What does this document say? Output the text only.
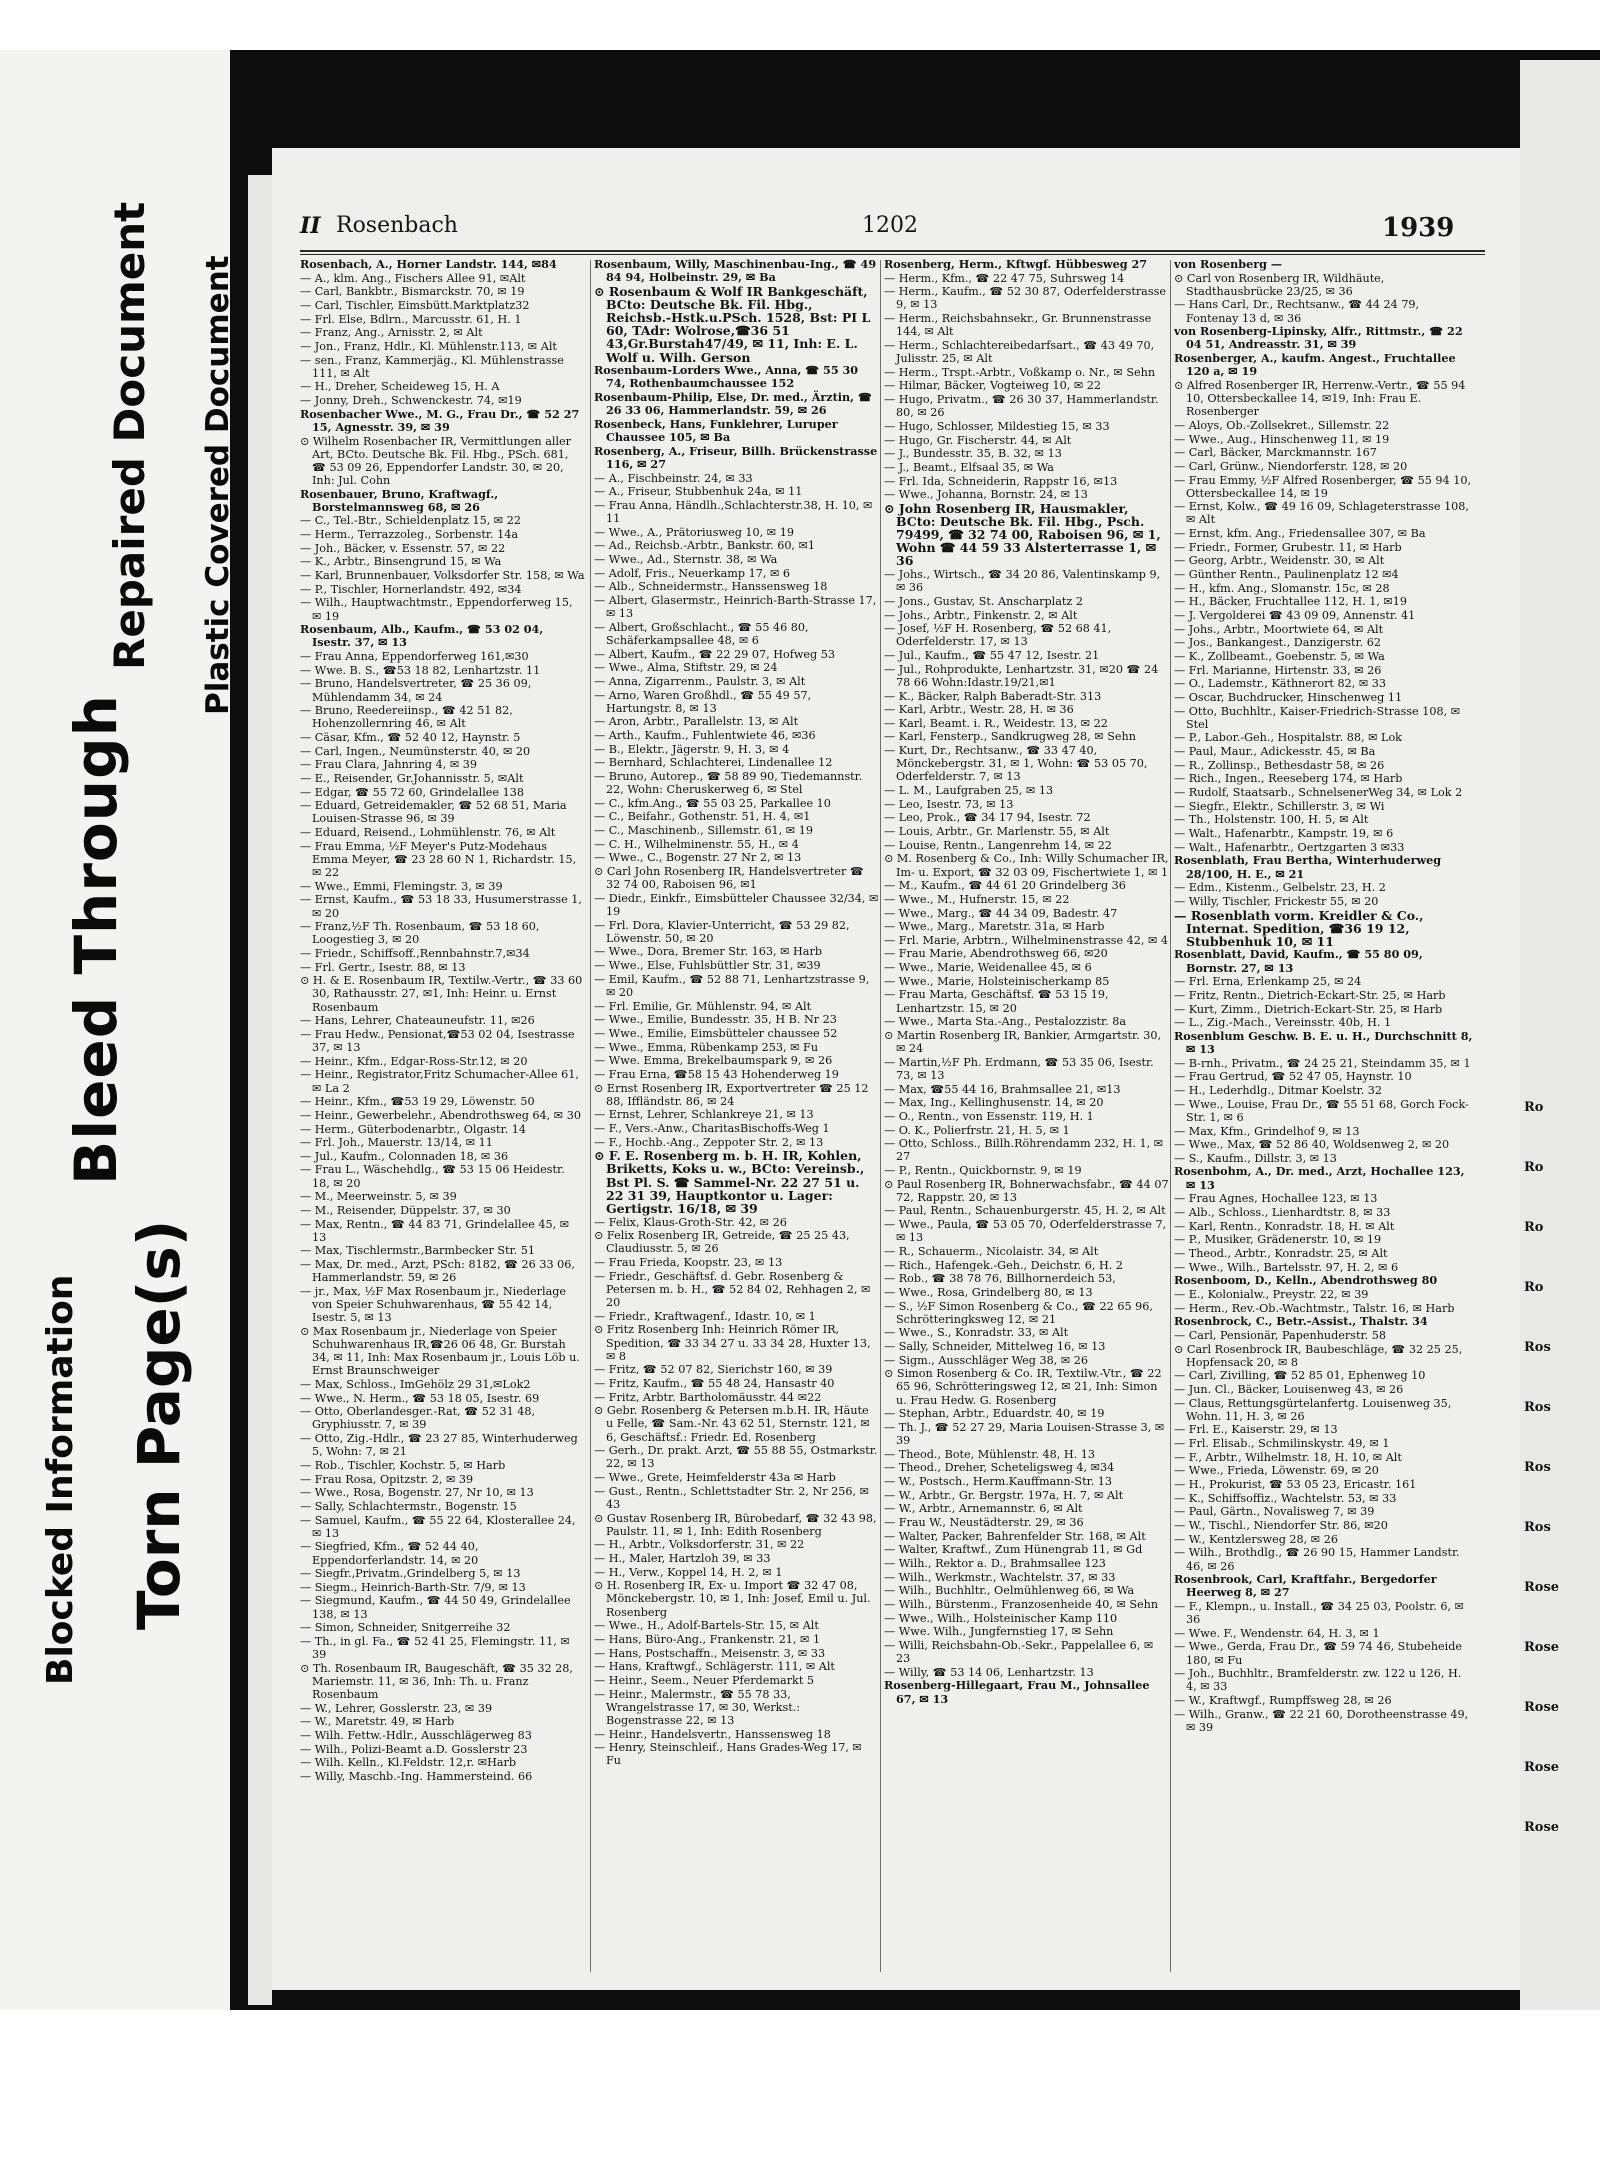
Plastic Covered Document
Repaired Document
Bleed Through
Torn Page(s)
Blocked Information
Ro
Ro
Ro
Ro
Ros
Ros
Ros
Ros
Rose
Rose
Rose
Rose
Rose
II Rosenbach	1202	1939
Rosenbach, A., Horner Landstr. 144, ✉84
— A., klm. Ang., Fischers Allee 91, ✉Alt
— Carl, Bankbtr., Bismarckstr. 70, ✉ 19
— Carl, Tischler, Eimsbütt.Marktplatz32
— Frl. Else, Bdlrn., Marcusstr. 61, H. 1
— Franz, Ang., Arnisstr. 2, ✉ Alt
— Jon., Franz, Hdlr., Kl. Mühlenstr.113, ✉ Alt
— sen., Franz, Kammerjäg., Kl. Mühlenstrasse 111, ✉ Alt
— H., Dreher, Scheideweg 15, H. A
— Jonny, Dreh., Schwenckestr. 74, ✉19
Rosenbacher Wwe., M. G., Frau Dr., ☎ 52 27 15, Agnesstr. 39, ✉ 39
⊙ Wilhelm Rosenbacher IR, Vermittlungen aller Art, BCto. Deutsche Bk. Fil. Hbg., PSch. 681, ☎ 53 09 26, Eppendorfer Landstr. 30, ✉ 20, Inh: Jul. Cohn
Rosenbauer, Bruno, Kraftwagf., Borstelmannsweg 68, ✉ 26
— C., Tel.-Btr., Schieldenplatz 15, ✉ 22
— Herm., Terrazzoleg., Sorbenstr. 14a
— Joh., Bäcker, v. Essenstr. 57, ✉ 22
— K., Arbtr., Binsengrund 15, ✉ Wa
— Karl, Brunnenbauer, Volksdorfer Str. 158, ✉ Wa
— P., Tischler, Hornerlandstr. 492, ✉34
— Wilh., Hauptwachtmstr., Eppendorferweg 15, ✉ 19
Rosenbaum, Alb., Kaufm., ☎ 53 02 04, Isestr. 37, ✉ 13
— Frau Anna, Eppendorferweg 161,✉30
— Wwe. B. S., ☎53 18 82, Lenhartzstr. 11
— Bruno, Handelsvertreter, ☎ 25 36 09, Mühlendamm 34, ✉ 24
— Bruno, Reedereiinsp., ☎ 42 51 82, Hohenzollernring 46, ✉ Alt
— Cäsar, Kfm., ☎ 52 40 12, Haynstr. 5
— Carl, Ingen., Neumünsterstr. 40, ✉ 20
— Frau Clara, Jahnring 4, ✉ 39
— E., Reisender, Gr.Johannisstr. 5, ✉Alt
— Edgar, ☎ 55 72 60, Grindelallee 138
— Eduard, Getreidemakler, ☎ 52 68 51, Maria Louisen-Strasse 96, ✉ 39
— Eduard, Reisend., Lohmühlenstr. 76, ✉ Alt
— Frau Emma, ½F Meyer's Putz-Modehaus Emma Meyer, ☎ 23 28 60 N 1, Richardstr. 15, ✉ 22
— Wwe., Emmi, Flemingstr. 3, ✉ 39
— Ernst, Kaufm., ☎ 53 18 33, Husumerstrasse 1, ✉ 20
— Franz,½F Th. Rosenbaum, ☎ 53 18 60, Loogestieg 3, ✉ 20
— Friedr., Schiffsoff.,Rennbahnstr.7,✉34
— Frl. Gertr., Isestr. 88, ✉ 13
⊙ H. & E. Rosenbaum IR, Textilw.-Vertr., ☎ 33 60 30, Rathausstr. 27, ✉1, Inh: Heinr. u. Ernst Rosenbaum
— Hans, Lehrer, Chateauneufstr. 11, ✉26
— Frau Hedw., Pensionat,☎53 02 04, Isestrasse 37, ✉ 13
— Heinr., Kfm., Edgar-Ross-Str.12, ✉ 20
— Heinr., Registrator,Fritz Schumacher-Allee 61, ✉ La 2
— Heinr., Kfm., ☎53 19 29, Löwenstr. 50
— Heinr., Gewerbelehr., Abendrothsweg 64, ✉ 30
— Herm., Güterbodenarbtr., Olgastr. 14
— Frl. Joh., Mauerstr. 13/14, ✉ 11
— Jul., Kaufm., Colonnaden 18, ✉ 36
— Frau L., Wäschehdlg., ☎ 53 15 06 Heidestr. 18, ✉ 20
— M., Meerweinstr. 5, ✉ 39
— M., Reisender, Düppelstr. 37, ✉ 30
— Max, Rentn., ☎ 44 83 71, Grindelallee 45, ✉ 13
— Max, Tischlermstr.,Barmbecker Str. 51
— Max, Dr. med., Arzt, PSch: 8182, ☎ 26 33 06, Hammerlandstr. 59, ✉ 26
— jr., Max, ½F Max Rosenbaum jr., Niederlage von Speier Schuhwarenhaus, ☎ 55 42 14, Isestr. 5, ✉ 13
⊙ Max Rosenbaum jr., Niederlage von Speier Schuhwarenhaus IR,☎26 06 48, Gr. Burstah 34, ✉ 11, Inh: Max Rosenbaum jr., Louis Löb u. Ernst Braunschweiger
— Max, Schloss., ImGehölz 29 31,✉Lok2
— Wwe., N. Herm., ☎ 53 18 05, Isestr. 69
— Otto, Oberlandesger.-Rat, ☎ 52 31 48, Gryphiusstr. 7, ✉ 39
— Otto, Zig.-Hdlr., ☎ 23 27 85, Winterhuderweg 5, Wohn: 7, ✉ 21
— Rob., Tischler, Kochstr. 5, ✉ Harb
— Frau Rosa, Opitzstr. 2, ✉ 39
— Wwe., Rosa, Bogenstr. 27, Nr 10, ✉ 13
— Sally, Schlachtermstr., Bogenstr. 15
— Samuel, Kaufm., ☎ 55 22 64, Klosterallee 24, ✉ 13
— Siegfried, Kfm., ☎ 52 44 40, Eppendorferlandstr. 14, ✉ 20
— Siegfr.,Privatm.,Grindelberg 5, ✉ 13
— Siegm., Heinrich-Barth-Str. 7/9, ✉ 13
— Siegmund, Kaufm., ☎ 44 50 49, Grindelallee 138, ✉ 13
— Simon, Schneider, Snitgerreihe 32
— Th., in gl. Fa., ☎ 52 41 25, Flemingstr. 11, ✉ 39
⊙ Th. Rosenbaum IR, Baugeschäft, ☎ 35 32 28, Mariemstr. 11, ✉ 36, Inh: Th. u. Franz Rosenbaum
— W., Lehrer, Gosslerstr. 23, ✉ 39
— W., Maretstr. 49, ✉ Harb
— Wilh. Fettw.-Hdlr., Ausschlägerweg 83
— Wilh., Polizi-Beamt a.D. Gosslerstr 23
— Wilh. Kelln., Kl.Feldstr. 12,r. ✉Harb
— Willy, Maschb.-Ing. Hammersteind. 66
Rosenbaum, Willy, Maschinenbau-Ing., ☎ 49 84 94, Holbeinstr. 29, ✉ Ba
⊙ Rosenbaum & Wolf IR Bankgeschäft, BCto: Deutsche Bk. Fil. Hbg., Reichsb.-Hstk.u.PSch. 1528, Bst: PI L 60, TAdr: Wolrose,☎36 51 43,Gr.Burstah47/49, ✉ 11, Inh: E. L. Wolf u. Wilh. Gerson
Rosenbaum-Lorders Wwe., Anna, ☎ 55 30 74, Rothenbaumchaussee 152
Rosenbaum-Philip, Else, Dr. med., Ärztin, ☎ 26 33 06, Hammerlandstr. 59, ✉ 26
Rosenbeck, Hans, Funklehrer, Luruper Chaussee 105, ✉ Ba
Rosenberg, A., Friseur, Billh. Brückenstrasse 116, ✉ 27
— A., Fischbeinstr. 24, ✉ 33
— A., Friseur, Stubbenhuk 24a, ✉ 11
— Frau Anna, Händlh.,Schlachterstr.38, H. 10, ✉ 11
— Wwe., A., Prätoriusweg 10, ✉ 19
— Ad., Reichsb.-Arbtr., Bankstr. 60, ✉1
— Wwe., Ad., Sternstr. 38, ✉ Wa
— Adolf, Fris., Neuerkamp 17, ✉ 6
— Alb., Schneidermstr., Hanssensweg 18
— Albert, Glasermstr., Heinrich-Barth-Strasse 17, ✉ 13
— Albert, Großschlacht., ☎ 55 46 80, Schäferkampsallee 48, ✉ 6
— Albert, Kaufm., ☎ 22 29 07, Hofweg 53
— Wwe., Alma, Stiftstr. 29, ✉ 24
— Anna, Zigarrenm., Paulstr. 3, ✉ Alt
— Arno, Waren Großhdl., ☎ 55 49 57, Hartungstr. 8, ✉ 13
— Aron, Arbtr., Parallelstr. 13, ✉ Alt
— Arth., Kaufm., Fuhlentwiete 46, ✉36
— B., Elektr., Jägerstr. 9, H. 3, ✉ 4
— Bernhard, Schlachterei, Lindenallee 12
— Bruno, Autorep., ☎ 58 89 90, Tiedemannstr. 22, Wohn: Cheruskerweg 6, ✉ Stel
— C., kfm.Ang., ☎ 55 03 25, Parkallee 10
— C., Beifahr., Gothenstr. 51, H. 4, ✉1
— C., Maschinenb., Sillemstr. 61, ✉ 19
— C. H., Wilhelminenstr. 55, H., ✉ 4
— Wwe., C., Bogenstr. 27 Nr 2, ✉ 13
⊙ Carl John Rosenberg IR, Handelsvertreter ☎ 32 74 00, Raboisen 96, ✉1
— Diedr., Einkfr., Eimsbütteler Chaussee 32/34, ✉ 19
— Frl. Dora, Klavier-Unterricht, ☎ 53 29 82, Löwenstr. 50, ✉ 20
— Wwe., Dora, Bremer Str. 163, ✉ Harb
— Wwe., Else, Fuhlsbüttler Str. 31, ✉39
— Emil, Kaufm., ☎ 52 88 71, Lenhartzstrasse 9, ✉ 20
— Frl. Emilie, Gr. Mühlenstr. 94, ✉ Alt
— Wwe., Emilie, Bundesstr. 35, H B. Nr 23
— Wwe., Emilie, Eimsbütteler chaussee 52
— Wwe., Emma, Rübenkamp 253, ✉ Fu
— Wwe. Emma, Brekelbaumspark 9, ✉ 26
— Frau Erna, ☎58 15 43 Hohenderweg 19
⊙ Ernst Rosenberg IR, Exportvertreter ☎ 25 12 88, Iffländstr. 86, ✉ 24
— Ernst, Lehrer, Schlankreye 21, ✉ 13
— F., Vers.-Anw., CharitasBischoffs-Weg 1
— F., Hochb.-Ang., Zeppoter Str. 2, ✉ 13
⊙ F. E. Rosenberg m. b. H. IR, Kohlen, Briketts, Koks u. w., BCto: Vereinsb., Bst Pl. S. ☎ Sammel-Nr. 22 27 51 u. 22 31 39, Hauptkontor u. Lager: Gertigstr. 16/18, ✉ 39
— Felix, Klaus-Groth-Str. 42, ✉ 26
⊙ Felix Rosenberg IR, Getreide, ☎ 25 25 43, Claudiusstr. 5, ✉ 26
— Frau Frieda, Koopstr. 23, ✉ 13
— Friedr., Geschäftsf. d. Gebr. Rosenberg & Petersen m. b. H., ☎ 52 84 02, Rehhagen 2, ✉ 20
— Friedr., Kraftwagenf., Idastr. 10, ✉ 1
⊙ Fritz Rosenberg Inh: Heinrich Römer IR, Spedition, ☎ 33 34 27 u. 33 34 28, Huxter 13, ✉ 8
— Fritz, ☎ 52 07 82, Sierichstr 160, ✉ 39
— Fritz, Kaufm., ☎ 55 48 24, Hansastr 40
— Fritz, Arbtr. Bartholomäusstr. 44 ✉22
⊙ Gebr. Rosenberg & Petersen m.b.H. IR, Häute u Felle, ☎ Sam.-Nr. 43 62 51, Sternstr. 121, ✉ 6, Geschäftsf.: Friedr. Ed. Rosenberg
— Gerh., Dr. prakt. Arzt, ☎ 55 88 55, Ostmarkstr. 22, ✉ 13
— Wwe., Grete, Heimfelderstr 43a ✉ Harb
— Gust., Rentn., Schlettstadter Str. 2, Nr 256, ✉ 43
⊙ Gustav Rosenberg IR, Bürobedarf, ☎ 32 43 98, Paulstr. 11, ✉ 1, Inh: Edith Rosenberg
— H., Arbtr., Volksdorferstr. 31, ✉ 22
— H., Maler, Hartzloh 39, ✉ 33
— H., Verw., Koppel 14, H. 2, ✉ 1
⊙ H. Rosenberg IR, Ex- u. Import ☎ 32 47 08, Mönckebergstr. 10, ✉ 1, Inh: Josef, Emil u. Jul. Rosenberg
— Wwe., H., Adolf-Bartels-Str. 15, ✉ Alt
— Hans, Büro-Ang., Frankenstr. 21, ✉ 1
— Hans, Postschaffn., Meisenstr. 3, ✉ 33
— Hans, Kraftwgf., Schlägerstr. 111, ✉ Alt
— Heinr., Seem., Neuer Pferdemarkt 5
— Heinr., Malermstr., ☎ 55 78 33, Wrangelstrasse 17, ✉ 30, Werkst.: Bogenstrasse 22, ✉ 13
— Heinr., Handelsvertr., Hanssensweg 18
— Henry, Steinschleif., Hans Grades-Weg 17, ✉ Fu
Rosenberg, Herm., Kftwgf. Hübbesweg 27
— Herm., Kfm., ☎ 22 47 75, Suhrsweg 14
— Herm., Kaufm., ☎ 52 30 87, Oderfelderstrasse 9, ✉ 13
— Herm., Reichsbahnsekr., Gr. Brunnenstrasse 144, ✉ Alt
— Herm., Schlachtereibedarfsart., ☎ 43 49 70, Julisstr. 25, ✉ Alt
— Herm., Trspt.-Arbtr., Voßkamp o. Nr., ✉ Sehn
— Hilmar, Bäcker, Vogteiweg 10, ✉ 22
— Hugo, Privatm., ☎ 26 30 37, Hammerlandstr. 80, ✉ 26
— Hugo, Schlosser, Mildestieg 15, ✉ 33
— Hugo, Gr. Fischerstr. 44, ✉ Alt
— J., Bundesstr. 35, B. 32, ✉ 13
— J., Beamt., Elfsaal 35, ✉ Wa
— Frl. Ida, Schneiderin, Rappstr 16, ✉13
— Wwe., Johanna, Bornstr. 24, ✉ 13
⊙ John Rosenberg IR, Hausmakler, BCto: Deutsche Bk. Fil. Hbg., Psch. 79499, ☎ 32 74 00, Raboisen 96, ✉ 1, Wohn ☎ 44 59 33 Alsterterrasse 1, ✉36
— Johs., Wirtsch., ☎ 34 20 86, Valentinskamp 9, ✉ 36
— Jons., Gustav, St. Anscharplatz 2
— Johs., Arbtr., Finkenstr. 2, ✉ Alt
— Josef, ½F H. Rosenberg, ☎ 52 68 41, Oderfelderstr. 17, ✉ 13
— Jul., Kaufm., ☎ 55 47 12, Isestr. 21
— Jul., Rohprodukte, Lenhartzstr. 31, ✉20 ☎ 24 78 66 Wohn:Idastr.19/21,✉1
— K., Bäcker, Ralph Baberadt-Str. 313
— Karl, Arbtr., Westr. 28, H. ✉ 36
— Karl, Beamt. i. R., Weidestr. 13, ✉ 22
— Karl, Fensterp., Sandkrugweg 28, ✉ Sehn
— Kurt, Dr., Rechtsanw., ☎ 33 47 40, Mönckebergstr. 31, ✉ 1, Wohn: ☎ 53 05 70, Oderfelderstr. 7, ✉ 13
— L. M., Laufgraben 25, ✉ 13
— Leo, Isestr. 73, ✉ 13
— Leo, Prok., ☎ 34 17 94, Isestr. 72
— Louis, Arbtr., Gr. Marlenstr. 55, ✉ Alt
— Louise, Rentn., Langenrehm 14, ✉ 22
⊙ M. Rosenberg & Co., Inh: Willy Schumacher IR, Im- u. Export, ☎ 32 03 09, Fischertwiete 1, ✉ 1
— M., Kaufm., ☎ 44 61 20 Grindelberg 36
— Wwe., M., Hufnerstr. 15, ✉ 22
— Wwe., Marg., ☎ 44 34 09, Badestr. 47
— Wwe., Marg., Maretstr. 31a, ✉ Harb
— Frl. Marie, Arbtrn., Wilhelminenstrasse 42, ✉ 4
— Frau Marie, Abendrothsweg 66, ✉20
— Wwe., Marie, Weidenallee 45, ✉ 6
— Wwe., Marie, Holsteinischerkamp 85
— Frau Marta, Geschäftsf. ☎ 53 15 19, Lenhartzstr. 15, ✉ 20
— Wwe., Marta Sta.-Ang., Pestalozzistr. 8a
⊙ Martin Rosenberg IR, Bankier, Armgartstr. 30, ✉ 24
— Martin,½F Ph. Erdmann, ☎ 53 35 06, Isestr. 73, ✉ 13
— Max, ☎55 44 16, Brahmsallee 21, ✉13
— Max, Ing., Kellinghusenstr. 14, ✉ 20
— O., Rentn., von Essenstr. 119, H. 1
— O. K., Polierfrstr. 21, H. 5, ✉ 1
— Otto, Schloss., Billh.Röhrendamm 232, H. 1, ✉ 27
— P., Rentn., Quickbornstr. 9, ✉ 19
⊙ Paul Rosenberg IR, Bohnerwachsfabr., ☎ 44 07 72, Rappstr. 20, ✉ 13
— Paul, Rentn., Schauenburgerstr. 45, H. 2, ✉ Alt
— Wwe., Paula, ☎ 53 05 70, Oderfelderstrasse 7, ✉ 13
— R., Schauerm., Nicolaistr. 34, ✉ Alt
— Rich., Hafengek.-Geh., Deichstr. 6, H. 2
— Rob., ☎ 38 78 76, Billhornerdeich 53,
— Wwe., Rosa, Grindelberg 80, ✉ 13
— S., ½F Simon Rosenberg & Co., ☎ 22 65 96, Schrötteringksweg 12, ✉ 21
— Wwe., S., Konradstr. 33, ✉ Alt
— Sally, Schneider, Mittelweg 16, ✉ 13
— Sigm., Ausschläger Weg 38, ✉ 26
⊙ Simon Rosenberg & Co. IR, Textilw.-Vtr., ☎ 22 65 96, Schrötteringsweg 12, ✉ 21, Inh: Simon u. Frau Hedw. G. Rosenberg
— Stephan, Arbtr., Eduardstr. 40, ✉ 19
— Th. J., ☎ 52 27 29, Maria Louisen-Strasse 3, ✉ 39
— Theod., Bote, Mühlenstr. 48, H. 13
— Theod., Dreher, Scheteligsweg 4, ✉34
— W., Postsch., Herm.Kauffmann-Str. 13
— W., Arbtr., Gr. Bergstr. 197a, H. 7, ✉ Alt
— W., Arbtr., Arnemannstr. 6, ✉ Alt
— Frau W., Neustädterstr. 29, ✉ 36
— Walter, Packer, Bahrenfelder Str. 168, ✉ Alt
— Walter, Kraftwf., Zum Hünengrab 11, ✉ Gd
— Wilh., Rektor a. D., Brahmsallee 123
— Wilh., Werkmstr., Wachtelstr. 37, ✉ 33
— Wilh., Buchhltr., Oelmühlenweg 66, ✉ Wa
— Wilh., Bürstenm., Franzosenheide 40, ✉ Sehn
— Wwe., Wilh., Holsteinischer Kamp 110
— Wwe. Wilh., Jungfernstieg 17, ✉ Sehn
— Willi, Reichsbahn-Ob.-Sekr., Pappelallee 6, ✉ 23
— Willy, ☎ 53 14 06, Lenhartzstr. 13
Rosenberg-Hillegaart, Frau M., Johnsallee 67, ✉ 13
von Rosenberg —
⊙ Carl von Rosenberg IR, Wildhäute, Stadthausbrücke 23/25, ✉ 36
— Hans Carl, Dr., Rechtsanw., ☎ 44 24 79, Fontenay 13 d, ✉ 36
von Rosenberg-Lipinsky, Alfr., Rittmstr., ☎ 22 04 51, Andreasstr. 31, ✉ 39
Rosenberger, A., kaufm. Angest., Fruchtallee 120 a, ✉ 19
⊙ Alfred Rosenberger IR, Herrenw.-Vertr., ☎ 55 94 10, Ottersbeckallee 14, ✉19, Inh: Frau E. Rosenberger
— Aloys, Ob.-Zollsekret., Sillemstr. 22
— Wwe., Aug., Hinschenweg 11, ✉ 19
— Carl, Bäcker, Marckmannstr. 167
— Carl, Grünw., Niendorferstr. 128, ✉ 20
— Frau Emmy, ½F Alfred Rosenberger, ☎ 55 94 10, Ottersbeckallee 14, ✉ 19
— Ernst, Kolw., ☎ 49 16 09, Schlageterstrasse 108, ✉ Alt
— Ernst, kfm. Ang., Friedensallee 307, ✉ Ba
— Friedr., Former, Grubestr. 11, ✉ Harb
— Georg, Arbtr., Weidenstr. 30, ✉ Alt
— Günther Rentn., Paulinenplatz 12 ✉4
— H., kfm. Ang., Slomanstr. 15c, ✉ 28
— H., Bäcker, Fruchtallee 112, H. 1, ✉19
— J. Vergolderei ☎ 43 09 09, Annenstr. 41
— Johs., Arbtr., Moortwiete 64, ✉ Alt
— Jos., Bankangest., Danzigerstr. 62
— K., Zollbeamt., Goebenstr. 5, ✉ Wa
— Frl. Marianne, Hirtenstr. 33, ✉ 26
— O., Lademstr., Käthnerort 82, ✉ 33
— Oscar, Buchdrucker, Hinschenweg 11
— Otto, Buchhltr., Kaiser-Friedrich-Strasse 108, ✉ Stel
— P., Labor.-Geh., Hospitalstr. 88, ✉ Lok
— Paul, Maur., Adickesstr. 45, ✉ Ba
— R., Zollinsp., Bethesdastr 58, ✉ 26
— Rich., Ingen., Reeseberg 174, ✉ Harb
— Rudolf, Staatsarb., SchnelsenerWeg 34, ✉ Lok 2
— Siegfr., Elektr., Schillerstr. 3, ✉ Wi
— Th., Holstenstr. 100, H. 5, ✉ Alt
— Walt., Hafenarbtr., Kampstr. 19, ✉ 6
— Walt., Hafenarbtr., Oertzgarten 3 ✉33
Rosenblath, Frau Bertha, Winterhuderweg 28/100, H. E., ✉ 21
— Edm., Kistenm., Gelbelstr. 23, H. 2
— Willy, Tischler, Frickestr 55, ✉ 20
— Rosenblath vorm. Kreidler & Co., Internat. Spedition, ☎36 19 12, Stubbenhuk 10, ✉ 11
Rosenblatt, David, Kaufm., ☎ 55 80 09, Bornstr. 27, ✉ 13
— Frl. Erna, Erlenkamp 25, ✉ 24
— Fritz, Rentn., Dietrich-Eckart-Str. 25, ✉ Harb
— Kurt, Zimm., Dietrich-Eckart-Str. 25, ✉ Harb
— L., Zig.-Mach., Vereinsstr. 40b, H. 1
Rosenblum Geschw. B. E. u. H., Durchschnitt 8, ✉ 13
— B-rnh., Privatm., ☎ 24 25 21, Steindamm 35, ✉ 1
— Frau Gertrud, ☎ 52 47 05, Haynstr. 10
— H., Lederhdlg., Ditmar Koelstr. 32
— Wwe., Louise, Frau Dr., ☎ 55 51 68, Gorch Fock-Str. 1, ✉ 6
— Max, Kfm., Grindelhof 9, ✉ 13
— Wwe., Max, ☎ 52 86 40, Woldsenweg 2, ✉ 20
— S., Kaufm., Dillstr. 3, ✉ 13
Rosenbohm, A., Dr. med., Arzt, Hochallee 123, ✉ 13
— Frau Agnes, Hochallee 123, ✉ 13
— Alb., Schloss., Lienhardtstr. 8, ✉ 33
— Karl, Rentn., Konradstr. 18, H. ✉ Alt
— P., Musiker, Grädenerstr. 10, ✉ 19
— Theod., Arbtr., Konradstr. 25, ✉ Alt
— Wwe., Wilh., Bartelsstr. 97, H. 2, ✉ 6
Rosenboom, D., Kelln., Abendrothsweg 80
— E., Kolonialw., Preystr. 22, ✉ 39
— Herm., Rev.-Ob.-Wachtmstr., Talstr. 16, ✉ Harb
Rosenbrock, C., Betr.-Assist., Thalstr. 34
— Carl, Pensionär, Papenhuderstr. 58
⊙ Carl Rosenbrock IR, Baubeschläge, ☎ 32 25 25, Hopfensack 20, ✉ 8
— Carl, Zivilling, ☎ 52 85 01, Ephenweg 10
— Jun. Cl., Bäcker, Louisenweg 43, ✉ 26
— Claus, Rettungsgürtelanfertg. Louisenweg 35, Wohn. 11, H. 3, ✉ 26
— Frl. E., Kaiserstr. 29, ✉ 13
— Frl. Elisab., Schmilinskystr. 49, ✉ 1
— F., Arbtr., Wilhelmstr. 18, H. 10, ✉ Alt
— Wwe., Frieda, Löwenstr. 69, ✉ 20
— H., Prokurist, ☎ 53 05 23, Ericastr. 161
— K., Schiffsoffiz., Wachtelstr. 53, ✉ 33
— Paul, Gärtn., Novalisweg 7, ✉ 39
— W., Tischl., Niendorfer Str. 86, ✉20
— W., Kentzlersweg 28, ✉ 26
— Wilh., Brothdlg., ☎ 26 90 15, Hammer Landstr. 46, ✉ 26
Rosenbrook, Carl, Kraftfahr., Bergedorfer Heerweg 8, ✉ 27
— F., Klempn., u. Install., ☎ 34 25 03, Poolstr. 6, ✉ 36
— Wwe. F., Wendenstr. 64, H. 3, ✉ 1
— Wwe., Gerda, Frau Dr., ☎ 59 74 46, Stubeheide 180, ✉ Fu
— Joh., Buchhltr., Bramfelderstr. zw. 122 u 126, H. 4, ✉ 33
— W., Kraftwgf., Rumpffsweg 28, ✉ 26
— Wilh., Granw., ☎ 22 21 60, Dorotheenstrasse 49, ✉ 39
